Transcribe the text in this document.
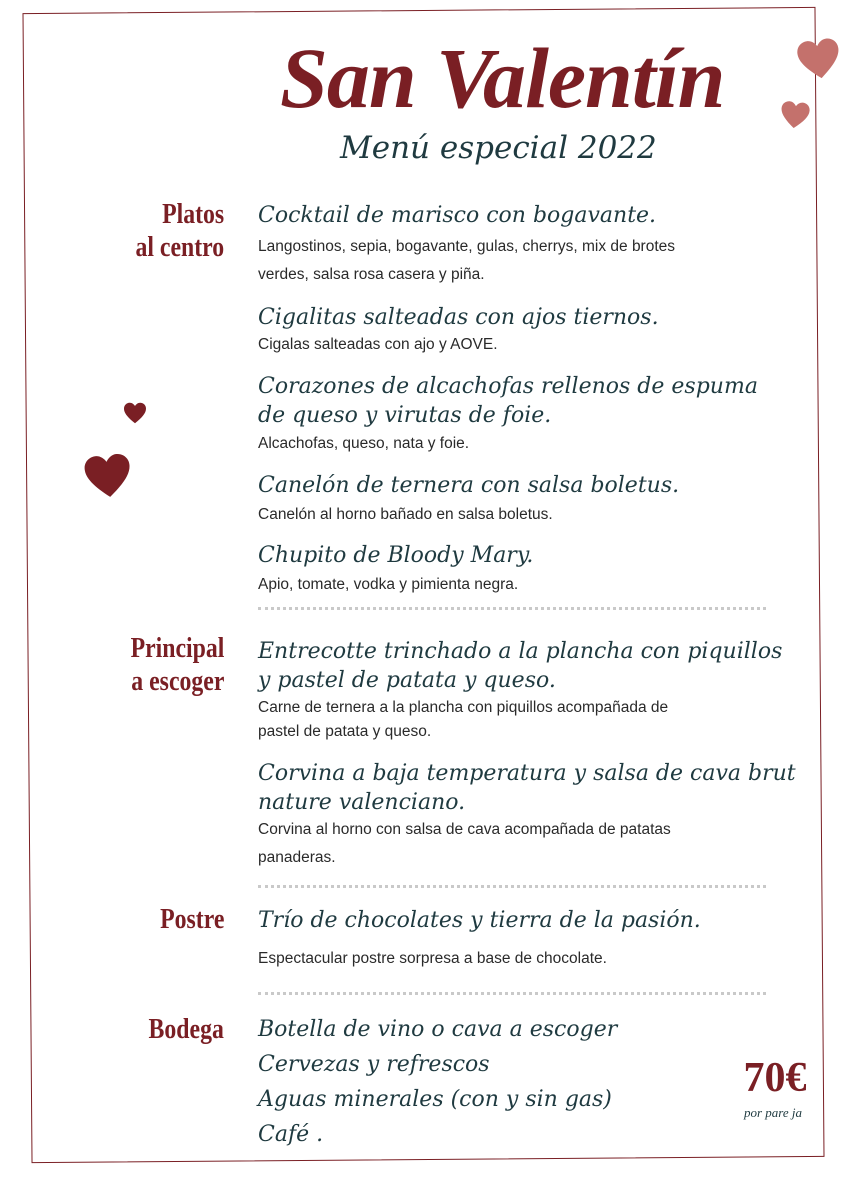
San Valentín
Menú especial 2022
Platos
al centro
Cocktail de marisco con bogavante.
Langostinos, sepia, bogavante, gulas, cherrys, mix de brotes
verdes, salsa rosa casera y piña.
Cigalitas salteadas con ajos tiernos.
Cigalas salteadas con ajo y AOVE.
Corazones de alcachofas rellenos de espuma
de queso y virutas de foie.
Alcachofas, queso, nata y foie.
Canelón de ternera con salsa boletus.
Canelón al horno bañado en salsa boletus.
Chupito de Bloody Mary.
Apio, tomate, vodka y pimienta negra.
Principal
a escoger
Entrecotte trinchado a la plancha con piquillos
y pastel de patata y queso.
Carne de ternera a la plancha con piquillos acompañada de
pastel de patata y queso.
Corvina a baja temperatura y salsa de cava brut
nature valenciano.
Corvina al horno con salsa de cava acompañada de patatas
panaderas.
Postre Trío de chocolates y tierra de la pasión.
Espectacular postre sorpresa a base de chocolate.
Bodega Botella de vino o cava a escoger
Cervezas y refrescos
Aguas minerales (con y sin gas)
Café .
70€
por pare ja
